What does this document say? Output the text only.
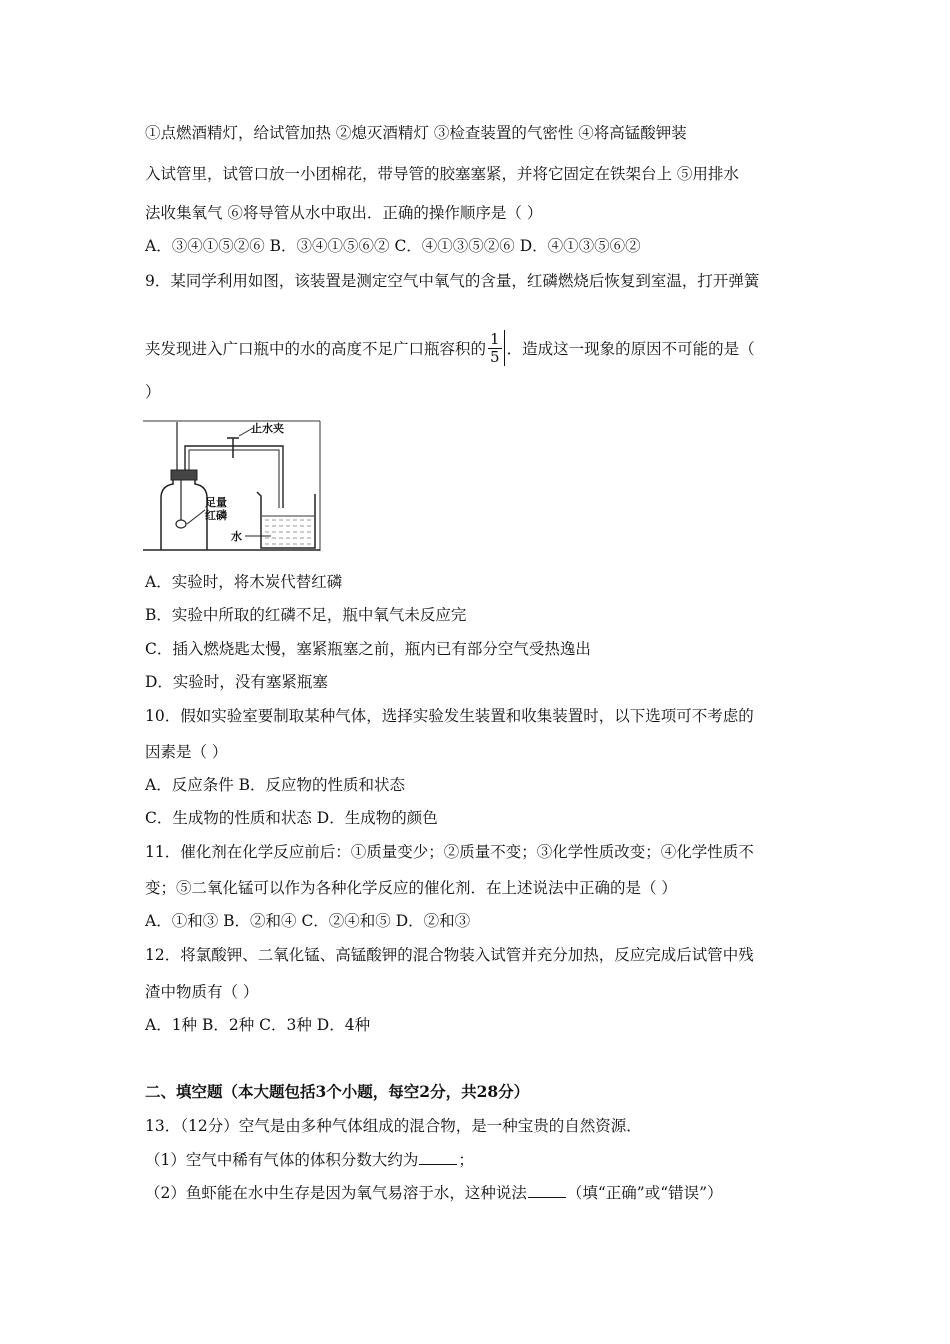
①点燃酒精灯，给试管加热 ②熄灭酒精灯 ③检查装置的气密性 ④将高锰酸钾装
入试管里，试管口放一小团棉花，带导管的胶塞塞紧，并将它固定在铁架台上 ⑤用排水
法收集氧气 ⑥将导管从水中取出．正确的操作顺序是（ ）
A．③④①⑤②⑥ B．③④①⑤⑥② C．④①③⑤②⑥ D．④①③⑤⑥②
9．某同学利用如图，该装置是测定空气中氧气的含量，红磷燃烧后恢复到室温，打开弹簧
夹发现进入广口瓶中的水的高度不足广口瓶容积的 $\frac{1}{5}$ ．造成这一现象的原因不可能的是（
）
止水夹
足量
红磷
水
A．实验时，将木炭代替红磷
B．实验中所取的红磷不足，瓶中氧气未反应完
C．插入燃烧匙太慢，塞紧瓶塞之前，瓶内已有部分空气受热逸出
D．实验时，没有塞紧瓶塞
10．假如实验室要制取某种气体，选择实验发生装置和收集装置时，以下选项可不考虑的
因素是（ ）
A．反应条件 B．反应物的性质和状态
C．生成物的性质和状态 D．生成物的颜色
11．催化剂在化学反应前后：①质量变少；②质量不变；③化学性质改变；④化学性质不
变；⑤二氧化锰可以作为各种化学反应的催化剂．在上述说法中正确的是（ ）
A．①和③ B．②和④ C．②④和⑤ D．②和③
12．将氯酸钾、二氧化锰、高锰酸钾的混合物装入试管并充分加热，反应完成后试管中残
渣中物质有（ ）
A．1种 B．2种 C．3种 D．4种
二、填空题（本大题包括3个小题，每空2分，共28分）
13．（12分）空气是由多种气体组成的混合物，是一种宝贵的自然资源．
（1）空气中稀有气体的体积分数大约为	；
（2）鱼虾能在水中生存是因为氧气易溶于水，这种说法	（填“正确”或“错误”）
